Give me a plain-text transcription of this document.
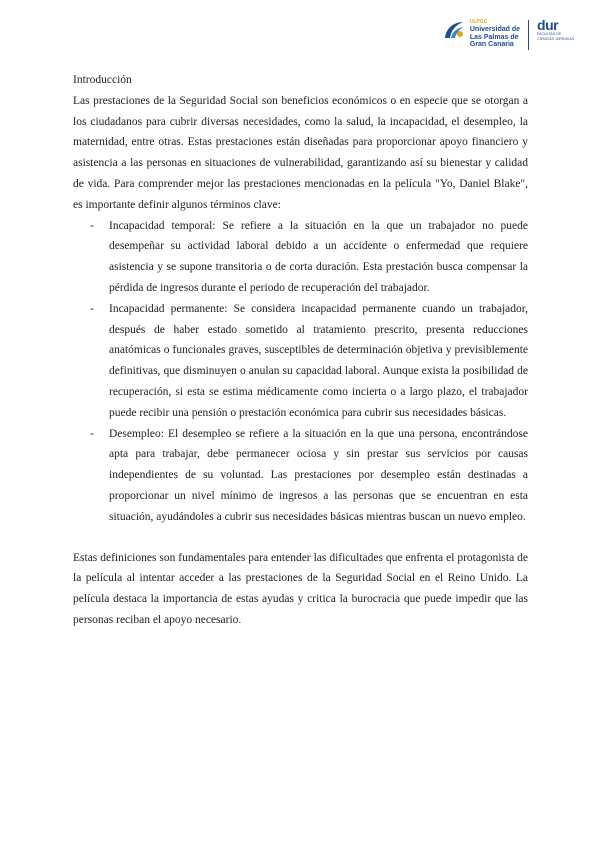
ULPGC
Universidad de
Las Palmas de
Gran Canaria
dur
FACULTAD DE
CIENCIAS JURÍDICAS

Introducción

Las prestaciones de la Seguridad Social son beneficios económicos o en especie que se otorgan a los ciudadanos para cubrir diversas necesidades, como la salud, la incapacidad, el desempleo, la maternidad, entre otras. Estas prestaciones están diseñadas para proporcionar apoyo financiero y asistencia a las personas en situaciones de vulnerabilidad, garantizando así su bienestar y calidad de vida. Para comprender mejor las prestaciones mencionadas en la película "Yo, Daniel Blake", es importante definir algunos términos clave:

- Incapacidad temporal: Se refiere a la situación en la que un trabajador no puede desempeñar su actividad laboral debido a un accidente o enfermedad que requiere asistencia y se supone transitoria o de corta duración. Esta prestación busca compensar la pérdida de ingresos durante el periodo de recuperación del trabajador.
- Incapacidad permanente: Se considera incapacidad permanente cuando un trabajador, después de haber estado sometido al tratamiento prescrito, presenta reducciones anatómicas o funcionales graves, susceptibles de determinación objetiva y previsiblemente definitivas, que disminuyen o anulan su capacidad laboral. Aunque exista la posibilidad de recuperación, si esta se estima médicamente como incierta o a largo plazo, el trabajador puede recibir una pensión o prestación económica para cubrir sus necesidades básicas.
- Desempleo: El desempleo se refiere a la situación en la que una persona, encontrándose apta para trabajar, debe permanecer ociosa y sin prestar sus servicios por causas independientes de su voluntad. Las prestaciones por desempleo están destinadas a proporcionar un nivel mínimo de ingresos a las personas que se encuentran en esta situación, ayudándoles a cubrir sus necesidades básicas mientras buscan un nuevo empleo.

Estas definiciones son fundamentales para entender las dificultades que enfrenta el protagonista de la película al intentar acceder a las prestaciones de la Seguridad Social en el Reino Unido. La película destaca la importancia de estas ayudas y critica la burocracia que puede impedir que las personas reciban el apoyo necesario.
